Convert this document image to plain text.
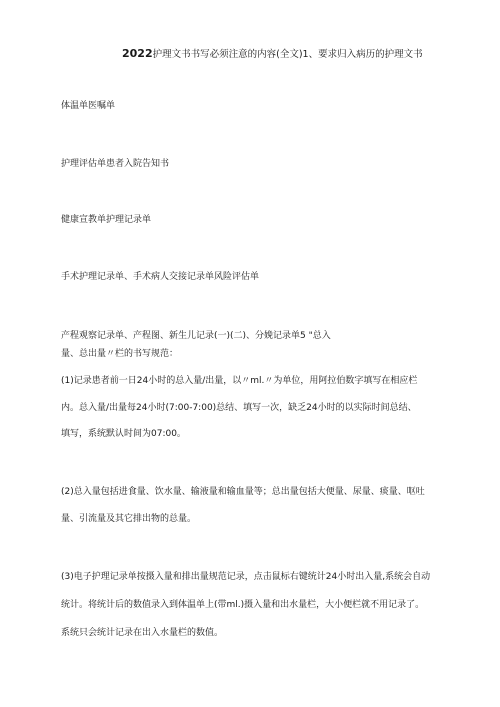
2022护理文书书写必须注意的内容(全文)1、要求归入病历的护理文书
体温单医嘱单
护理评估单患者入院告知书
健康宣教单护理记录单
手术护理记录单、手术病人交接记录单风险评估单
产程观察记录单、产程图、新生儿记录(一)(二)、分娩记录单5 "总入
量、总出量〃栏的书写规范：
(1)记录患者前一日24小时的总入量/出量，以〃ml.〃为单位，用阿拉伯数字填写在相应栏
内。总入量/出量每24小时(7:00-7:00)总结、填写一次，缺乏24小时的以实际时间总结、
填写，系统默认时间为07:00。
(2)总入量包括进食量、饮水量、输液量和输血量等；总出量包括大便量、尿量、痰量、呕吐
量、引流量及其它排出物的总量。
(3)电子护理记录单按摄入量和排出量规范记录，点击鼠标右键统计24小时出入量,系统会自动
统计。将统计后的数值录入到体温单上(带ml.)摄入量和出水量栏，大小便栏就不用记录了。
系统只会统计记录在出入水量栏的数值。
